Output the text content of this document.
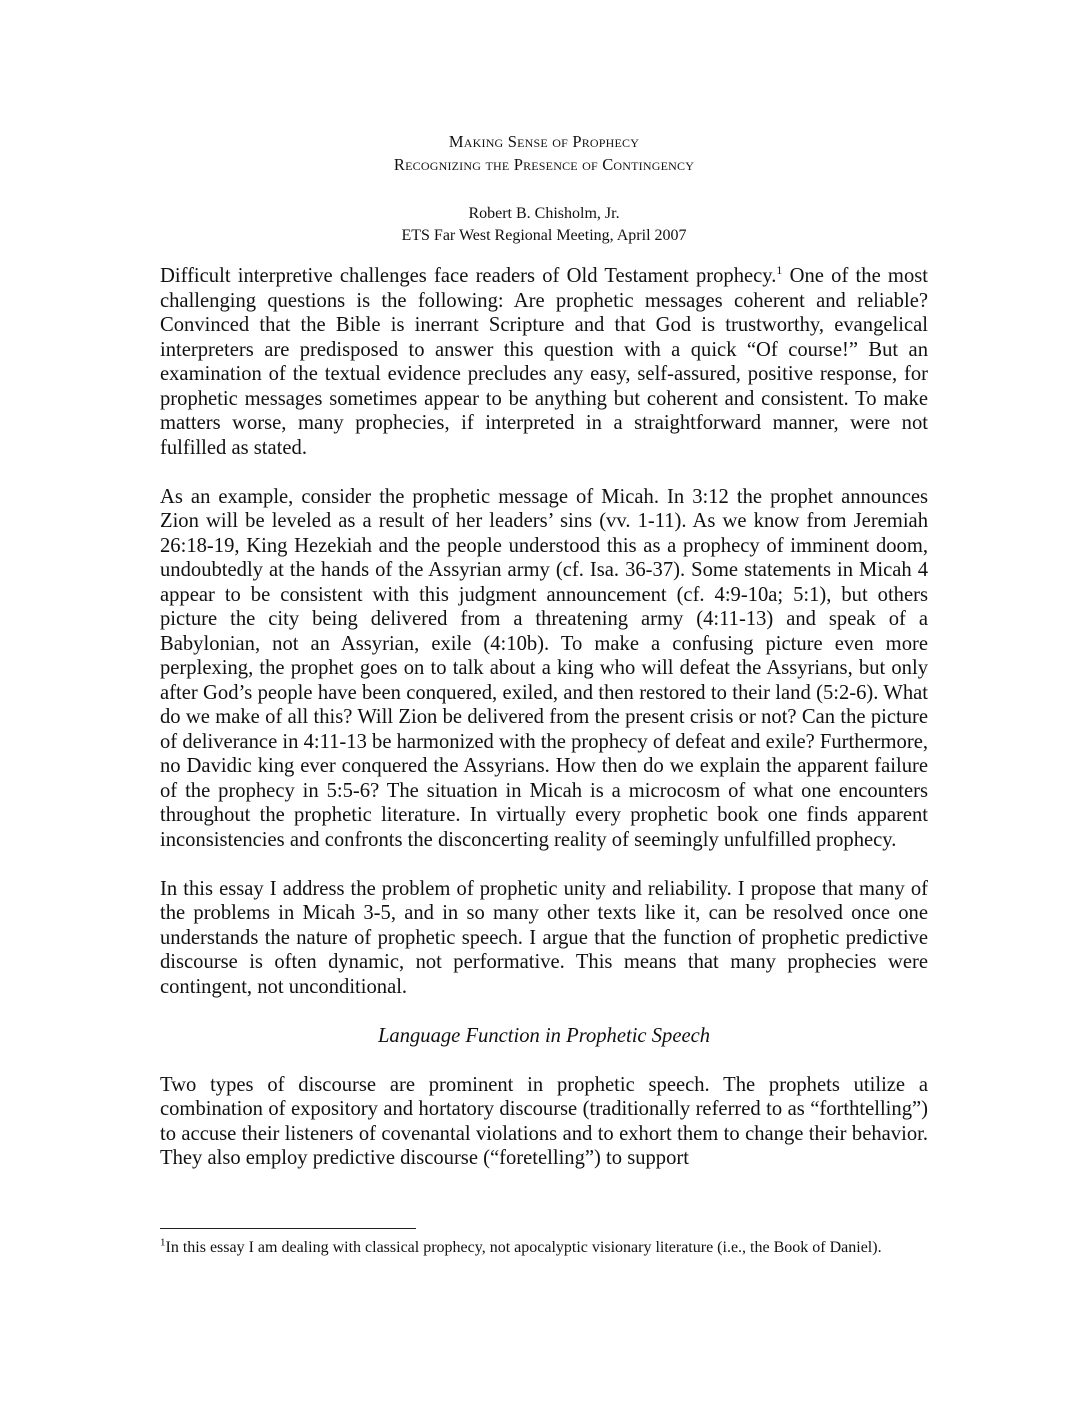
Making Sense of Prophecy
Recognizing the Presence of Contingency
Robert B. Chisholm, Jr.
ETS Far West Regional Meeting, April 2007

Difficult interpretive challenges face readers of Old Testament prophecy.$^1$ One of the most challenging questions is the following: Are prophetic messages coherent and reliable? Convinced that the Bible is inerrant Scripture and that God is trustworthy, evangelical interpreters are predisposed to answer this question with a quick “Of course!” But an examination of the textual evidence precludes any easy, self-assured, positive response, for prophetic messages sometimes appear to be anything but coherent and consistent. To make matters worse, many prophecies, if interpreted in a straightforward manner, were not fulfilled as stated.

As an example, consider the prophetic message of Micah. In 3:12 the prophet announces Zion will be leveled as a result of her leaders’ sins (vv. 1-11). As we know from Jeremiah 26:18-19, King Hezekiah and the people understood this as a prophecy of imminent doom, undoubtedly at the hands of the Assyrian army (cf. Isa. 36-37). Some statements in Micah 4 appear to be consistent with this judgment announcement (cf. 4:9-10a; 5:1), but others picture the city being delivered from a threatening army (4:11-13) and speak of a Babylonian, not an Assyrian, exile (4:10b). To make a confusing picture even more perplexing, the prophet goes on to talk about a king who will defeat the Assyrians, but only after God’s people have been conquered, exiled, and then restored to their land (5:2-6). What do we make of all this? Will Zion be delivered from the present crisis or not? Can the picture of deliverance in 4:11-13 be harmonized with the prophecy of defeat and exile? Furthermore, no Davidic king ever conquered the Assyrians. How then do we explain the apparent failure of the prophecy in 5:5-6? The situation in Micah is a microcosm of what one encounters throughout the prophetic literature. In virtually every prophetic book one finds apparent inconsistencies and confronts the disconcerting reality of seemingly unfulfilled prophecy.

In this essay I address the problem of prophetic unity and reliability. I propose that many of the problems in Micah 3-5, and in so many other texts like it, can be resolved once one understands the nature of prophetic speech. I argue that the function of prophetic predictive discourse is often dynamic, not performative. This means that many prophecies were contingent, not unconditional.

Language Function in Prophetic Speech

Two types of discourse are prominent in prophetic speech. The prophets utilize a combination of expository and hortatory discourse (traditionally referred to as “forthtelling”) to accuse their listeners of covenantal violations and to exhort them to change their behavior. They also employ predictive discourse (“foretelling”) to support

$^1$In this essay I am dealing with classical prophecy, not apocalyptic visionary literature (i.e., the Book of Daniel).
